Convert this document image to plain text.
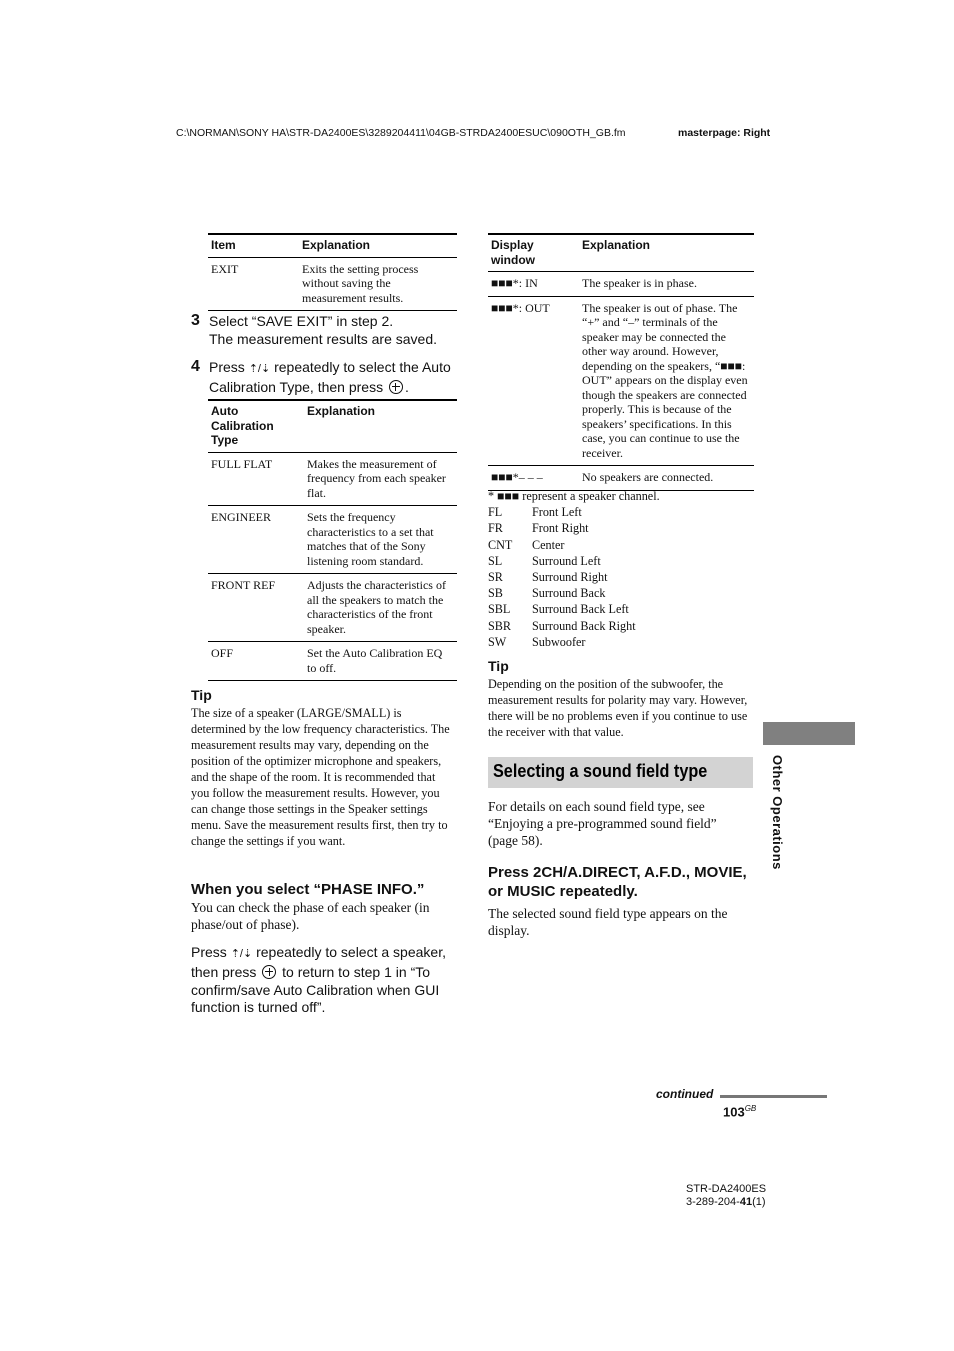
C:\NORMAN\SONY HA\STR-DA2400ES\3289204411\04GB-STRDA2400ESUC\090OTH_GB.fm	masterpage: Right
Item	Explanation
EXIT	Exits the setting process without saving the measurement results.
3 Select “SAVE EXIT” in step 2.
The measurement results are saved.
4 Press ⇡/⇣ repeatedly to select the Auto Calibration Type, then press .
Auto Calibration Type	Explanation
FULL FLAT	Makes the measurement of frequency from each speaker flat.
ENGINEER	Sets the frequency characteristics to a set that matches that of the Sony listening room standard.
FRONT REF	Adjusts the characteristics of all the speakers to match the characteristics of the front speaker.
OFF	Set the Auto Calibration EQ to off.
Tip
The size of a speaker (LARGE/SMALL) is determined by the low frequency characteristics. The measurement results may vary, depending on the position of the optimizer microphone and speakers, and the shape of the room. It is recommended that you follow the measurement results. However, you can change those settings in the Speaker settings menu. Save the measurement results first, then try to change the settings if you want.
When you select “PHASE INFO.”
You can check the phase of each speaker (in phase/out of phase).
Press ⇡/⇣ repeatedly to select a speaker, then press to return to step 1 in “To confirm/save Auto Calibration when GUI function is turned off”.
Display window	Explanation
■■■*: IN	The speaker is in phase.
■■■*: OUT	The speaker is out of phase. The “+” and “–” terminals of the speaker may be connected the other way around. However, depending on the speakers, “■■■: OUT” appears on the display even though the speakers are connected properly. This is because of the speakers’ specifications. In this case, you can continue to use the receiver.
■■■*– – –	No speakers are connected.
* ■■■ represent a speaker channel.
FL	Front Left
FR	Front Right
CNT	Center
SL	Surround Left
SR	Surround Right
SB	Surround Back
SBL	Surround Back Left
SBR	Surround Back Right
SW	Subwoofer
Tip
Depending on the position of the subwoofer, the measurement results for polarity may vary. However, there will be no problems even if you continue to use the receiver with that value.
Selecting a sound field type
For details on each sound field type, see “Enjoying a pre-programmed sound field” (page 58).
Press 2CH/A.DIRECT, A.F.D., MOVIE, or MUSIC repeatedly.
The selected sound field type appears on the display.
Other Operations
continued
$103^{GB}$
STR-DA2400ES
3-289-204-41(1)
